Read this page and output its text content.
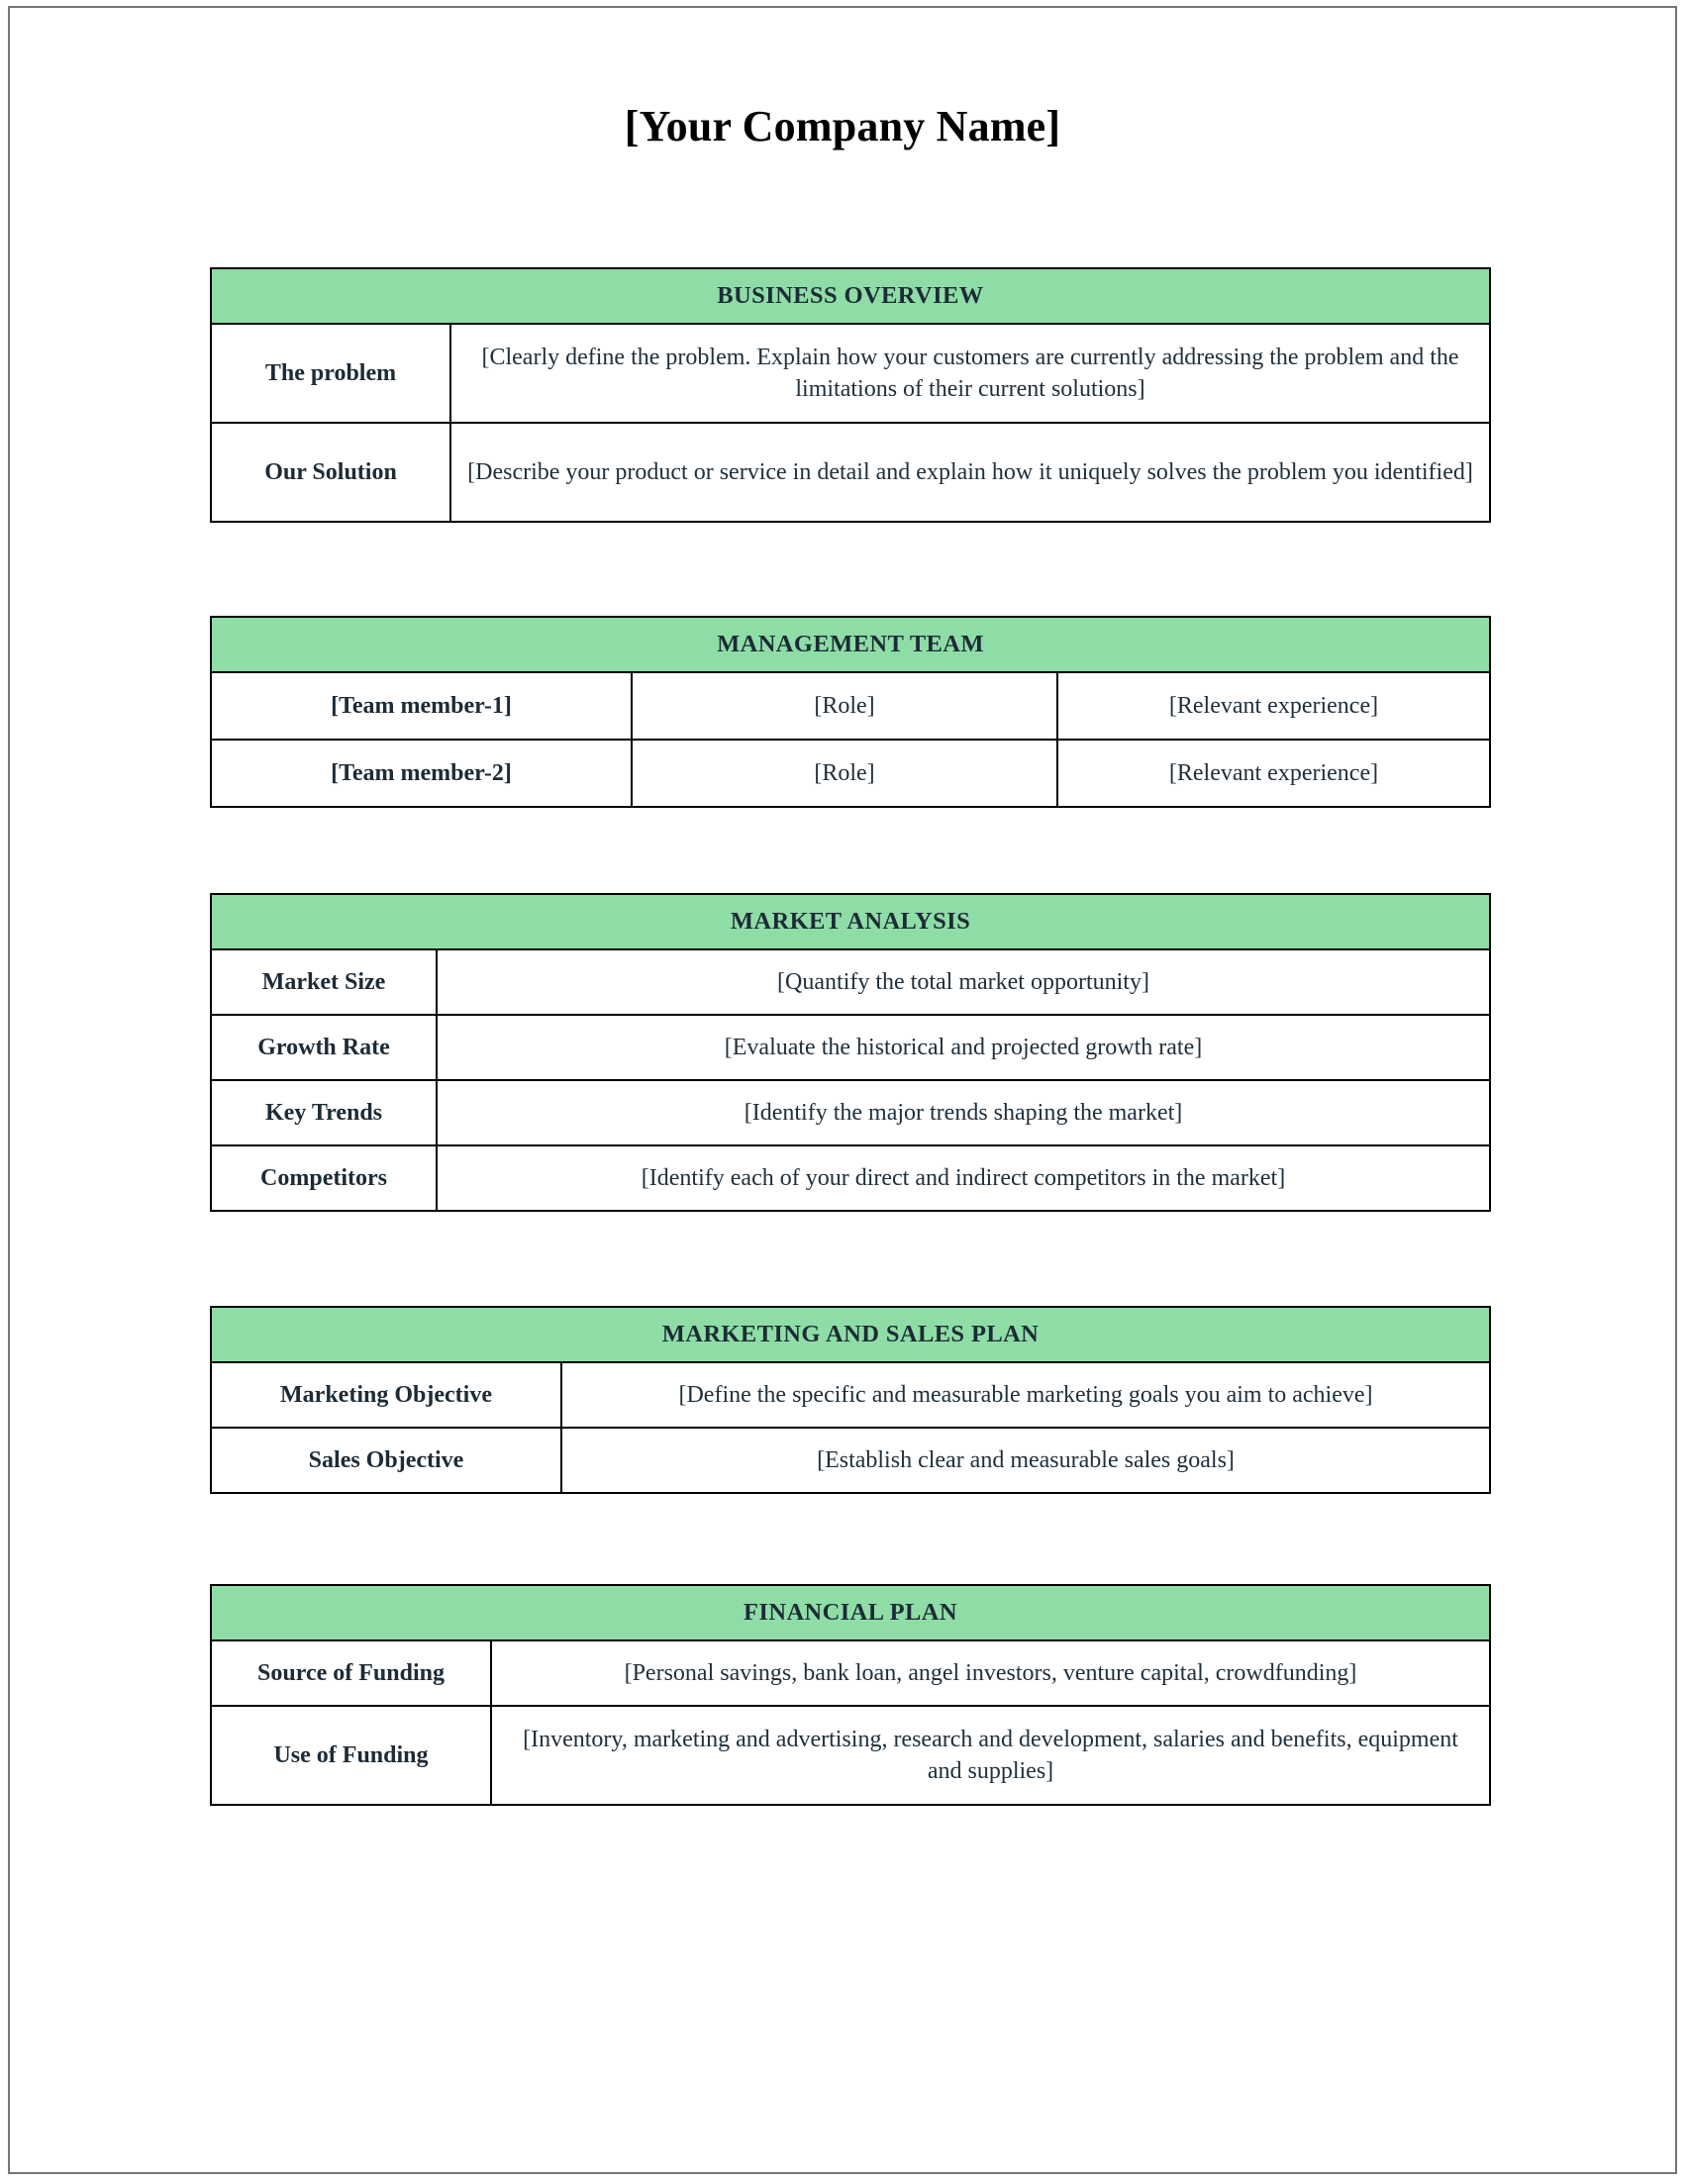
[Your Company Name]
BUSINESS OVERVIEW	
The problem	[Clearly define the problem. Explain how your customers are currently addressing the problem and the limitations of their current solutions]
Our Solution	[Describe your product or service in detail and explain how it uniquely solves the problem you identified]
MANAGEMENT TEAM		
[Team member-1]	[Role]	[Relevant experience]
[Team member-2]	[Role]	[Relevant experience]
MARKET ANALYSIS	
Market Size	[Quantify the total market opportunity]
Growth Rate	[Evaluate the historical and projected growth rate]
Key Trends	[Identify the major trends shaping the market]
Competitors	[Identify each of your direct and indirect competitors in the market]
MARKETING AND SALES PLAN	
Marketing Objective	[Define the specific and measurable marketing goals you aim to achieve]
Sales Objective	[Establish clear and measurable sales goals]
FINANCIAL PLAN	
Source of Funding	[Personal savings, bank loan, angel investors, venture capital, crowdfunding]
Use of Funding	[Inventory, marketing and advertising, research and development, salaries and benefits, equipment and supplies]
